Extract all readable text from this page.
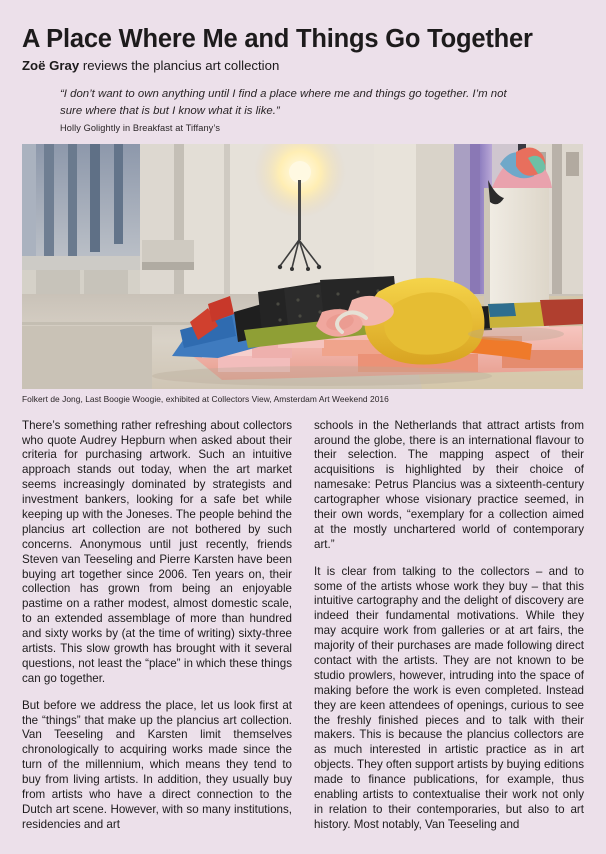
A Place Where Me and Things Go Together

Zoë Gray reviews the plancius art collection

“I don’t want to own anything until I find a place where me and things go together. I’m not sure where that is but I know what it is like.”

Holly Golightly in Breakfast at Tiffany’s

Folkert de Jong, Last Boogie Woogie, exhibited at Collectors View, Amsterdam Art Weekend 2016

There’s something rather refreshing about collectors who quote Audrey Hepburn when asked about their criteria for purchasing artwork. Such an intuitive approach stands out today, when the art market seems increasingly dominated by strategists and investment bankers, looking for a safe bet while keeping up with the Joneses. The people behind the plancius art collection are not bothered by such concerns. Anonymous until just recently, friends Steven van Teeseling and Pierre Karsten have been buying art together since 2006. Ten years on, their collection has grown from being an enjoyable pastime on a rather modest, almost domestic scale, to an extended assemblage of more than hundred and sixty works by (at the time of writing) sixty-three artists. This slow growth has brought with it several questions, not least the “place” in which these things can go together.

But before we address the place, let us look first at the “things” that make up the plancius art collection. Van Teeseling and Karsten limit themselves chronologically to acquiring works made since the turn of the millennium, which means they tend to buy from living artists. In addition, they usually buy from artists who have a direct connection to the Dutch art scene. However, with so many institutions, residencies and art

schools in the Netherlands that attract artists from around the globe, there is an international flavour to their selection. The mapping aspect of their acquisitions is highlighted by their choice of namesake: Petrus Plancius was a sixteenth-century cartographer whose visionary practice seemed, in their own words, “exemplary for a collection aimed at the mostly unchartered world of contemporary art.”

It is clear from talking to the collectors – and to some of the artists whose work they buy – that this intuitive cartography and the delight of discovery are indeed their fundamental motivations. While they may acquire work from galleries or at art fairs, the majority of their purchases are made following direct contact with the artists. They are not known to be studio prowlers, however, intruding into the space of making before the work is even completed. Instead they are keen attendees of openings, curious to see the freshly finished pieces and to talk with their makers. This is because the plancius collectors are as much interested in artistic practice as in art objects. They often support artists by buying editions made to finance publications, for example, thus enabling artists to contextualise their work not only in relation to their contemporaries, but also to art history. Most notably, Van Teeseling and
